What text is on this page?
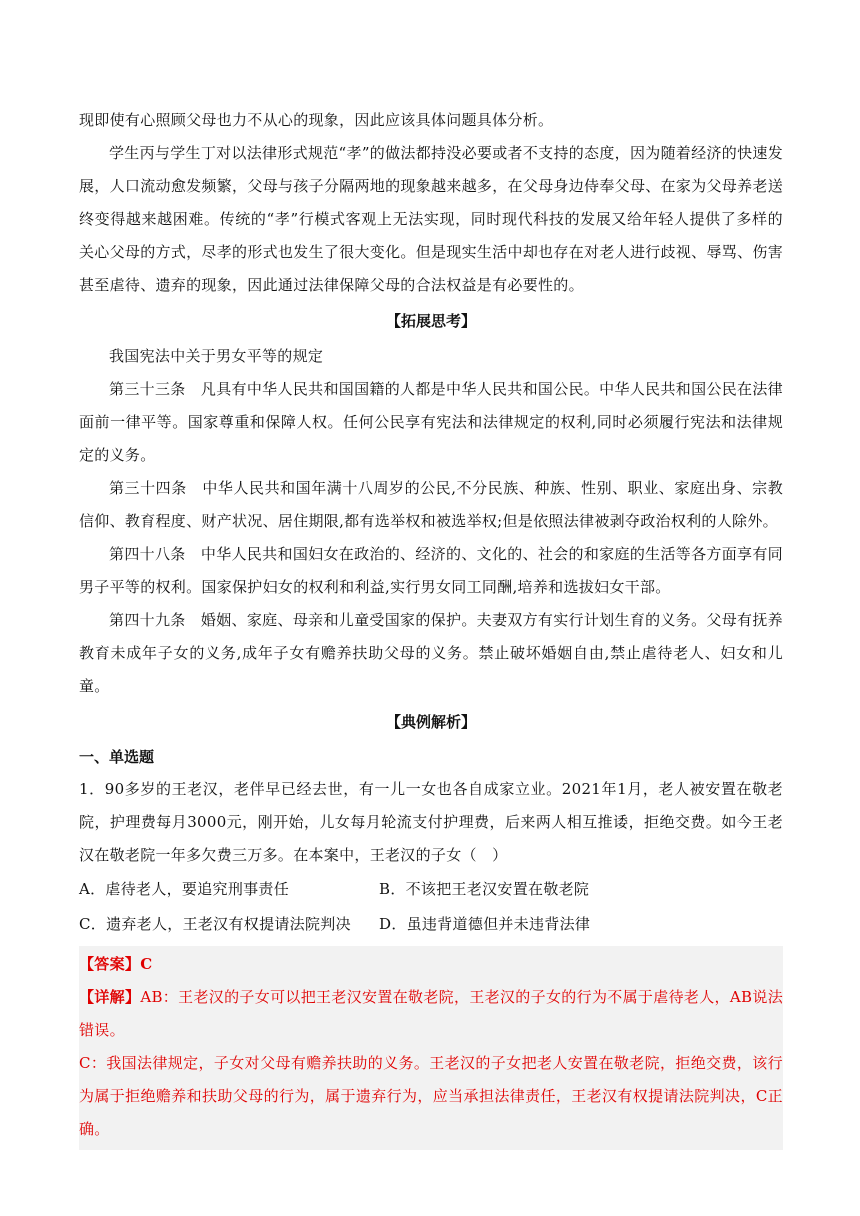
现即使有心照顾父母也力不从心的现象，因此应该具体问题具体分析。

学生丙与学生丁对以法律形式规范“孝”的做法都持没必要或者不支持的态度，因为随着经济的快速发展，人口流动愈发频繁，父母与孩子分隔两地的现象越来越多，在父母身边侍奉父母、在家为父母养老送终变得越来越困难。传统的“孝”行模式客观上无法实现，同时现代科技的发展又给年轻人提供了多样的关心父母的方式，尽孝的形式也发生了很大变化。但是现实生活中却也存在对老人进行歧视、辱骂、伤害甚至虐待、遗弃的现象，因此通过法律保障父母的合法权益是有必要性的。

【拓展思考】

我国宪法中关于男女平等的规定

第三十三条　凡具有中华人民共和国国籍的人都是中华人民共和国公民。中华人民共和国公民在法律面前一律平等。国家尊重和保障人权。任何公民享有宪法和法律规定的权利,同时必须履行宪法和法律规定的义务。

第三十四条　中华人民共和国年满十八周岁的公民,不分民族、种族、性别、职业、家庭出身、宗教信仰、教育程度、财产状况、居住期限,都有选举权和被选举权;但是依照法律被剥夺政治权利的人除外。

第四十八条　中华人民共和国妇女在政治的、经济的、文化的、社会的和家庭的生活等各方面享有同男子平等的权利。国家保护妇女的权利和利益,实行男女同工同酬,培养和选拔妇女干部。

第四十九条　婚姻、家庭、母亲和儿童受国家的保护。夫妻双方有实行计划生育的义务。父母有抚养教育未成年子女的义务,成年子女有赡养扶助父母的义务。禁止破坏婚姻自由,禁止虐待老人、妇女和儿童。

【典例解析】
一、单选题

1．90多岁的王老汉，老伴早已经去世，有一儿一女也各自成家立业。2021年1月，老人被安置在敬老院，护理费每月3000元，刚开始，儿女每月轮流支付护理费，后来两人相互推诿，拒绝交费。如今王老汉在敬老院一年多欠费三万多。在本案中，王老汉的子女（　）

A．虐待老人，要追究刑事责任	B．不该把王老汉安置在敬老院
C．遗弃老人，王老汉有权提请法院判决	D．虽违背道德但并未违背法律

【答案】C

【详解】AB：王老汉的子女可以把王老汉安置在敬老院，王老汉的子女的行为不属于虐待老人，AB说法错误。

C：我国法律规定，子女对父母有赡养扶助的义务。王老汉的子女把老人安置在敬老院，拒绝交费，该行为属于拒绝赡养和扶助父母的行为，属于遗弃行为，应当承担法律责任，王老汉有权提请法院判决，C正确。
